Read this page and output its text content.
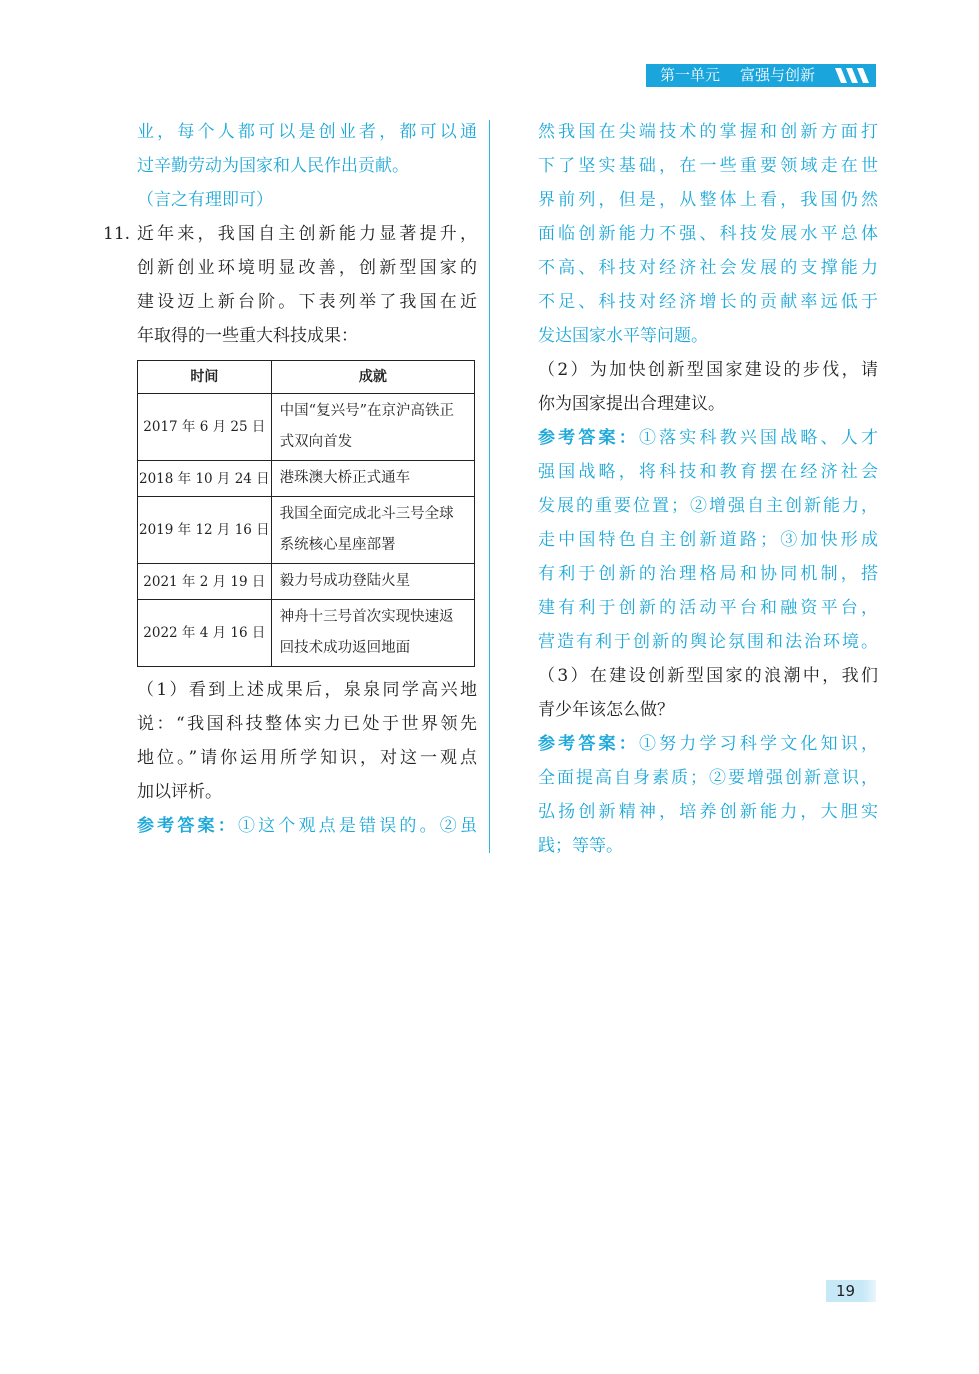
第一单元 富强与创新
业，每个人都可以是创业者，都可以通
过辛勤劳动为国家和人民作出贡献。
（言之有理即可）
11. 近年来，我国自主创新能力显著提升，
创新创业环境明显改善，创新型国家的
建设迈上新台阶。下表列举了我国在近
年取得的一些重大科技成果：
时间	成就
2017 年 6 月 25 日	中国“复兴号”在京沪高铁正式双向首发
2018 年 10 月 24 日	港珠澳大桥正式通车
2019 年 12 月 16 日	我国全面完成北斗三号全球系统核心星座部署
2021 年 2 月 19 日	毅力号成功登陆火星
2022 年 4 月 16 日	神舟十三号首次实现快速返回技术成功返回地面
（1）看到上述成果后，泉泉同学高兴地
说：“我国科技整体实力已处于世界领先
地位。”请你运用所学知识，对这一观点
加以评析。
参考答案：①这个观点是错误的。②虽
然我国在尖端技术的掌握和创新方面打
下了坚实基础，在一些重要领域走在世
界前列，但是，从整体上看，我国仍然
面临创新能力不强、科技发展水平总体
不高、科技对经济社会发展的支撑能力
不足、科技对经济增长的贡献率远低于
发达国家水平等问题。
（2）为加快创新型国家建设的步伐，请
你为国家提出合理建议。
参考答案：①落实科教兴国战略、人才
强国战略，将科技和教育摆在经济社会
发展的重要位置；②增强自主创新能力，
走中国特色自主创新道路；③加快形成
有利于创新的治理格局和协同机制，搭
建有利于创新的活动平台和融资平台，
营造有利于创新的舆论氛围和法治环境。
（3）在建设创新型国家的浪潮中，我们
青少年该怎么做？
参考答案：①努力学习科学文化知识，
全面提高自身素质；②要增强创新意识，
弘扬创新精神，培养创新能力，大胆实
践；等等。
19
